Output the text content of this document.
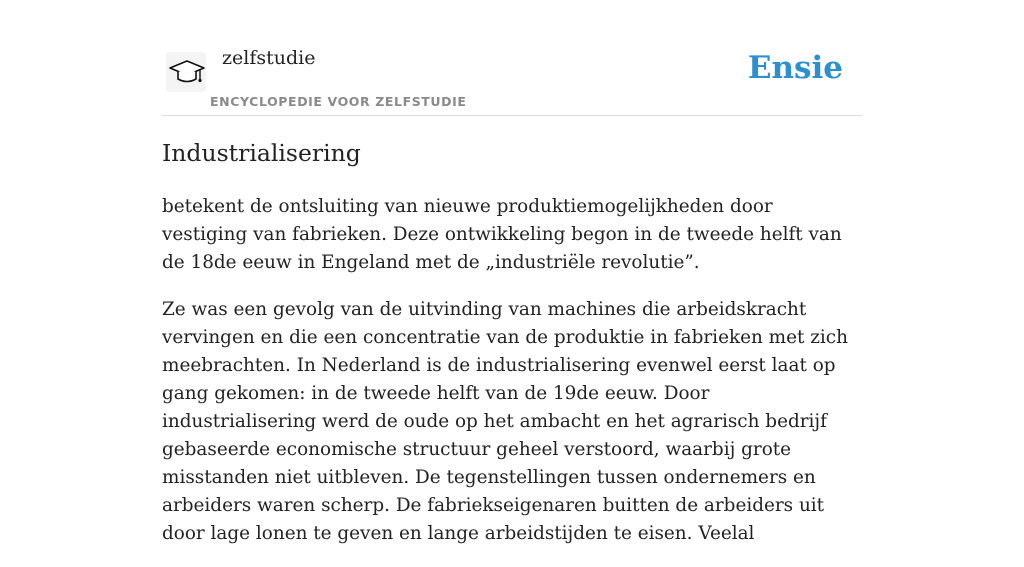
zelfstudie
ENCYCLOPEDIE VOOR ZELFSTUDIE
Ensie
Industrialisering

betekent de ontsluiting van nieuwe produktiemogelijkheden door vestiging van fabrieken. Deze ontwikkeling begon in de tweede helft van de 18de eeuw in Engeland met de „industriële revolutie”.

Ze was een gevolg van de uitvinding van machines die arbeidskracht vervingen en die een concentratie van de produktie in fabrieken met zich meebrachten. In Nederland is de industrialisering evenwel eerst laat op gang gekomen: in de tweede helft van de 19de eeuw. Door industrialisering werd de oude op het ambacht en het agrarisch bedrijf gebaseerde economische structuur geheel verstoord, waarbij grote misstanden niet uitbleven. De tegenstellingen tussen ondernemers en arbeiders waren scherp. De fabriekseigenaren buitten de arbeiders uit door lage lonen te geven en lange arbeidstijden te eisen. Veelal
